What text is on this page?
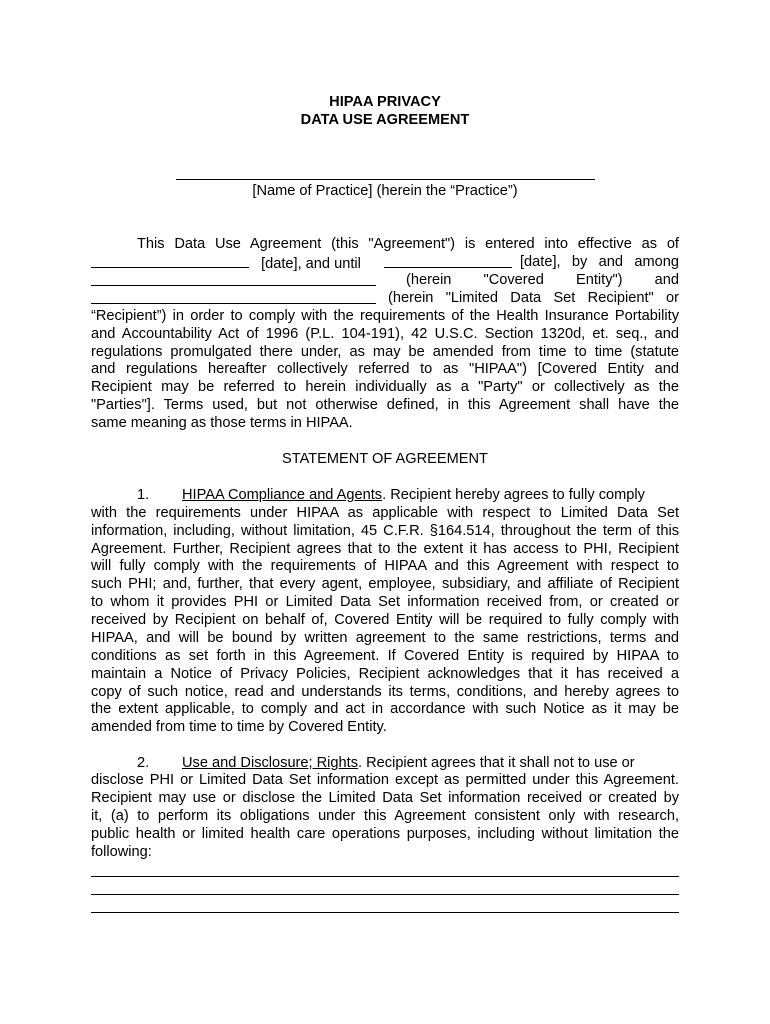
HIPAA PRIVACY
DATA USE AGREEMENT
[Name of Practice] (herein the “Practice”)
This Data Use Agreement (this "Agreement") is entered into effective as of
[date], and until	[date], by and among
(herein "Covered Entity") and
(herein "Limited Data Set Recipient" or
“Recipient”) in order to comply with the requirements of the Health Insurance Portability
and Accountability Act of 1996 (P.L. 104-191), 42 U.S.C. Section 1320d, et. seq., and
regulations promulgated there under, as may be amended from time to time (statute
and regulations hereafter collectively referred to as "HIPAA") [Covered Entity and
Recipient may be referred to herein individually as a "Party" or collectively as the
"Parties"]. Terms used, but not otherwise defined, in this Agreement shall have the
same meaning as those terms in HIPAA.
STATEMENT OF AGREEMENT
1. HIPAA Compliance and Agents. Recipient hereby agrees to fully comply
with the requirements under HIPAA as applicable with respect to Limited Data Set
information, including, without limitation, 45 C.F.R. §164.514, throughout the term of this
Agreement. Further, Recipient agrees that to the extent it has access to PHI, Recipient
will fully comply with the requirements of HIPAA and this Agreement with respect to
such PHI; and, further, that every agent, employee, subsidiary, and affiliate of Recipient
to whom it provides PHI or Limited Data Set information received from, or created or
received by Recipient on behalf of, Covered Entity will be required to fully comply with
HIPAA, and will be bound by written agreement to the same restrictions, terms and
conditions as set forth in this Agreement. If Covered Entity is required by HIPAA to
maintain a Notice of Privacy Policies, Recipient acknowledges that it has received a
copy of such notice, read and understands its terms, conditions, and hereby agrees to
the extent applicable, to comply and act in accordance with such Notice as it may be
amended from time to time by Covered Entity.
2. Use and Disclosure; Rights. Recipient agrees that it shall not to use or
disclose PHI or Limited Data Set information except as permitted under this Agreement.
Recipient may use or disclose the Limited Data Set information received or created by
it, (a) to perform its obligations under this Agreement consistent only with research,
public health or limited health care operations purposes, including without limitation the
following:
